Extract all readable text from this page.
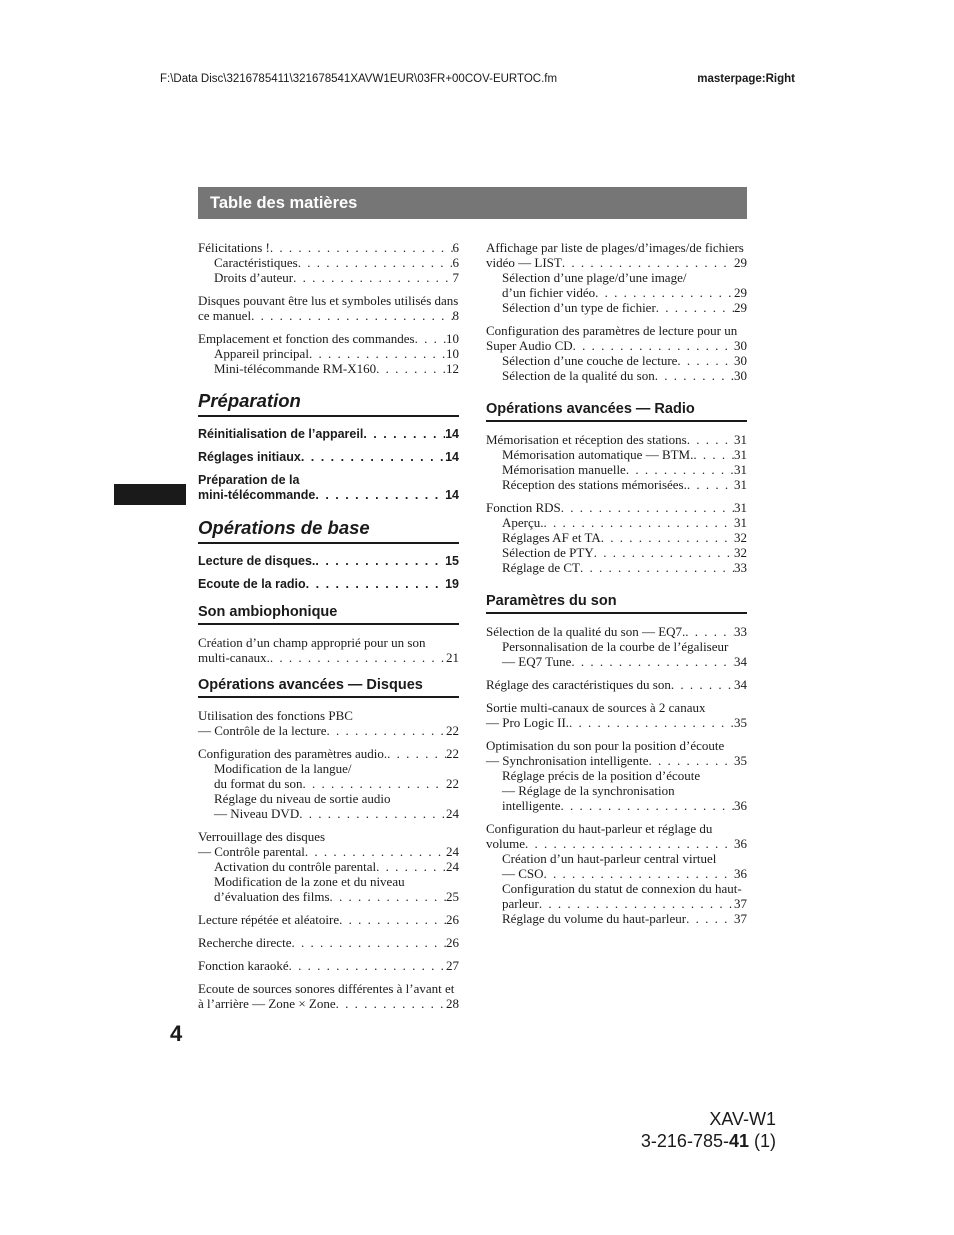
F:\Data Disc\3216785411\321678541XAVW1EUR\03FR+00COV-EURTOC.fm	masterpage:Right
Table des matières
Félicitations ! . . .	6
Caractéristiques . . .	6
Droits d’auteur . . .	7
Disques pouvant être lus et symboles utilisés dans
ce manuel . . .	8
Emplacement et fonction des commandes . . . 10
Appareil principal . . .	10
Mini-télécommande RM-X160 . . .	12
Préparation
Réinitialisation de l’appareil . . .	14
Réglages initiaux . . .	14
Préparation de la
mini-télécommande . . .	14
Opérations de base
Lecture de disques. . . .	15
Ecoute de la radio . . .	19
Son ambiophonique
Création d’un champ approprié pour un son
multi-canaux. . . .	21
Opérations avancées — Disques
Utilisation des fonctions PBC
— Contrôle de la lecture . . .	22
Configuration des paramètres audio. . . .	22
Modification de la langue/
du format du son . . .	22
Réglage du niveau de sortie audio
— Niveau DVD . . .	24
Verrouillage des disques
— Contrôle parental . . .	24
Activation du contrôle parental . . .	24
Modification de la zone et du niveau
d’évaluation des films . . .	25
Lecture répétée et aléatoire . . .	26
Recherche directe . . .	26
Fonction karaoké . . .	27
Ecoute de sources sonores différentes à l’avant et
à l’arrière — Zone × Zone . . .	28
Affichage par liste de plages/d’images/de fichiers
vidéo — LIST . . .	29
Sélection d’une plage/d’une image/
d’un fichier vidéo . . .	29
Sélection d’un type de fichier . . .	29
Configuration des paramètres de lecture pour un
Super Audio CD . . .	30
Sélection d’une couche de lecture . . .	30
Sélection de la qualité du son . . .	30
Opérations avancées — Radio
Mémorisation et réception des stations . . .	31
Mémorisation automatique — BTM. . . .	31
Mémorisation manuelle . . .	31
Réception des stations mémorisées. . . .	31
Fonction RDS . . .	31
Aperçu. . . .	31
Réglages AF et TA . . .	32
Sélection de PTY . . .	32
Réglage de CT . . .	33
Paramètres du son
Sélection de la qualité du son — EQ7. . . .	33
Personnalisation de la courbe de l’égaliseur
— EQ7 Tune . . .	34
Réglage des caractéristiques du son . . .	34
Sortie multi-canaux de sources à 2 canaux
— Pro Logic II. . . .	35
Optimisation du son pour la position d’écoute
— Synchronisation intelligente . . .	35
Réglage précis de la position d’écoute
— Réglage de la synchronisation
intelligente . . .	36
Configuration du haut-parleur et réglage du
volume . . .	36
Création d’un haut-parleur central virtuel
— CSO . . .	36
Configuration du statut de connexion du haut-
parleur . . .	37
Réglage du volume du haut-parleur . . .	37
4
XAV-W1
3-216-785-41 (1)
